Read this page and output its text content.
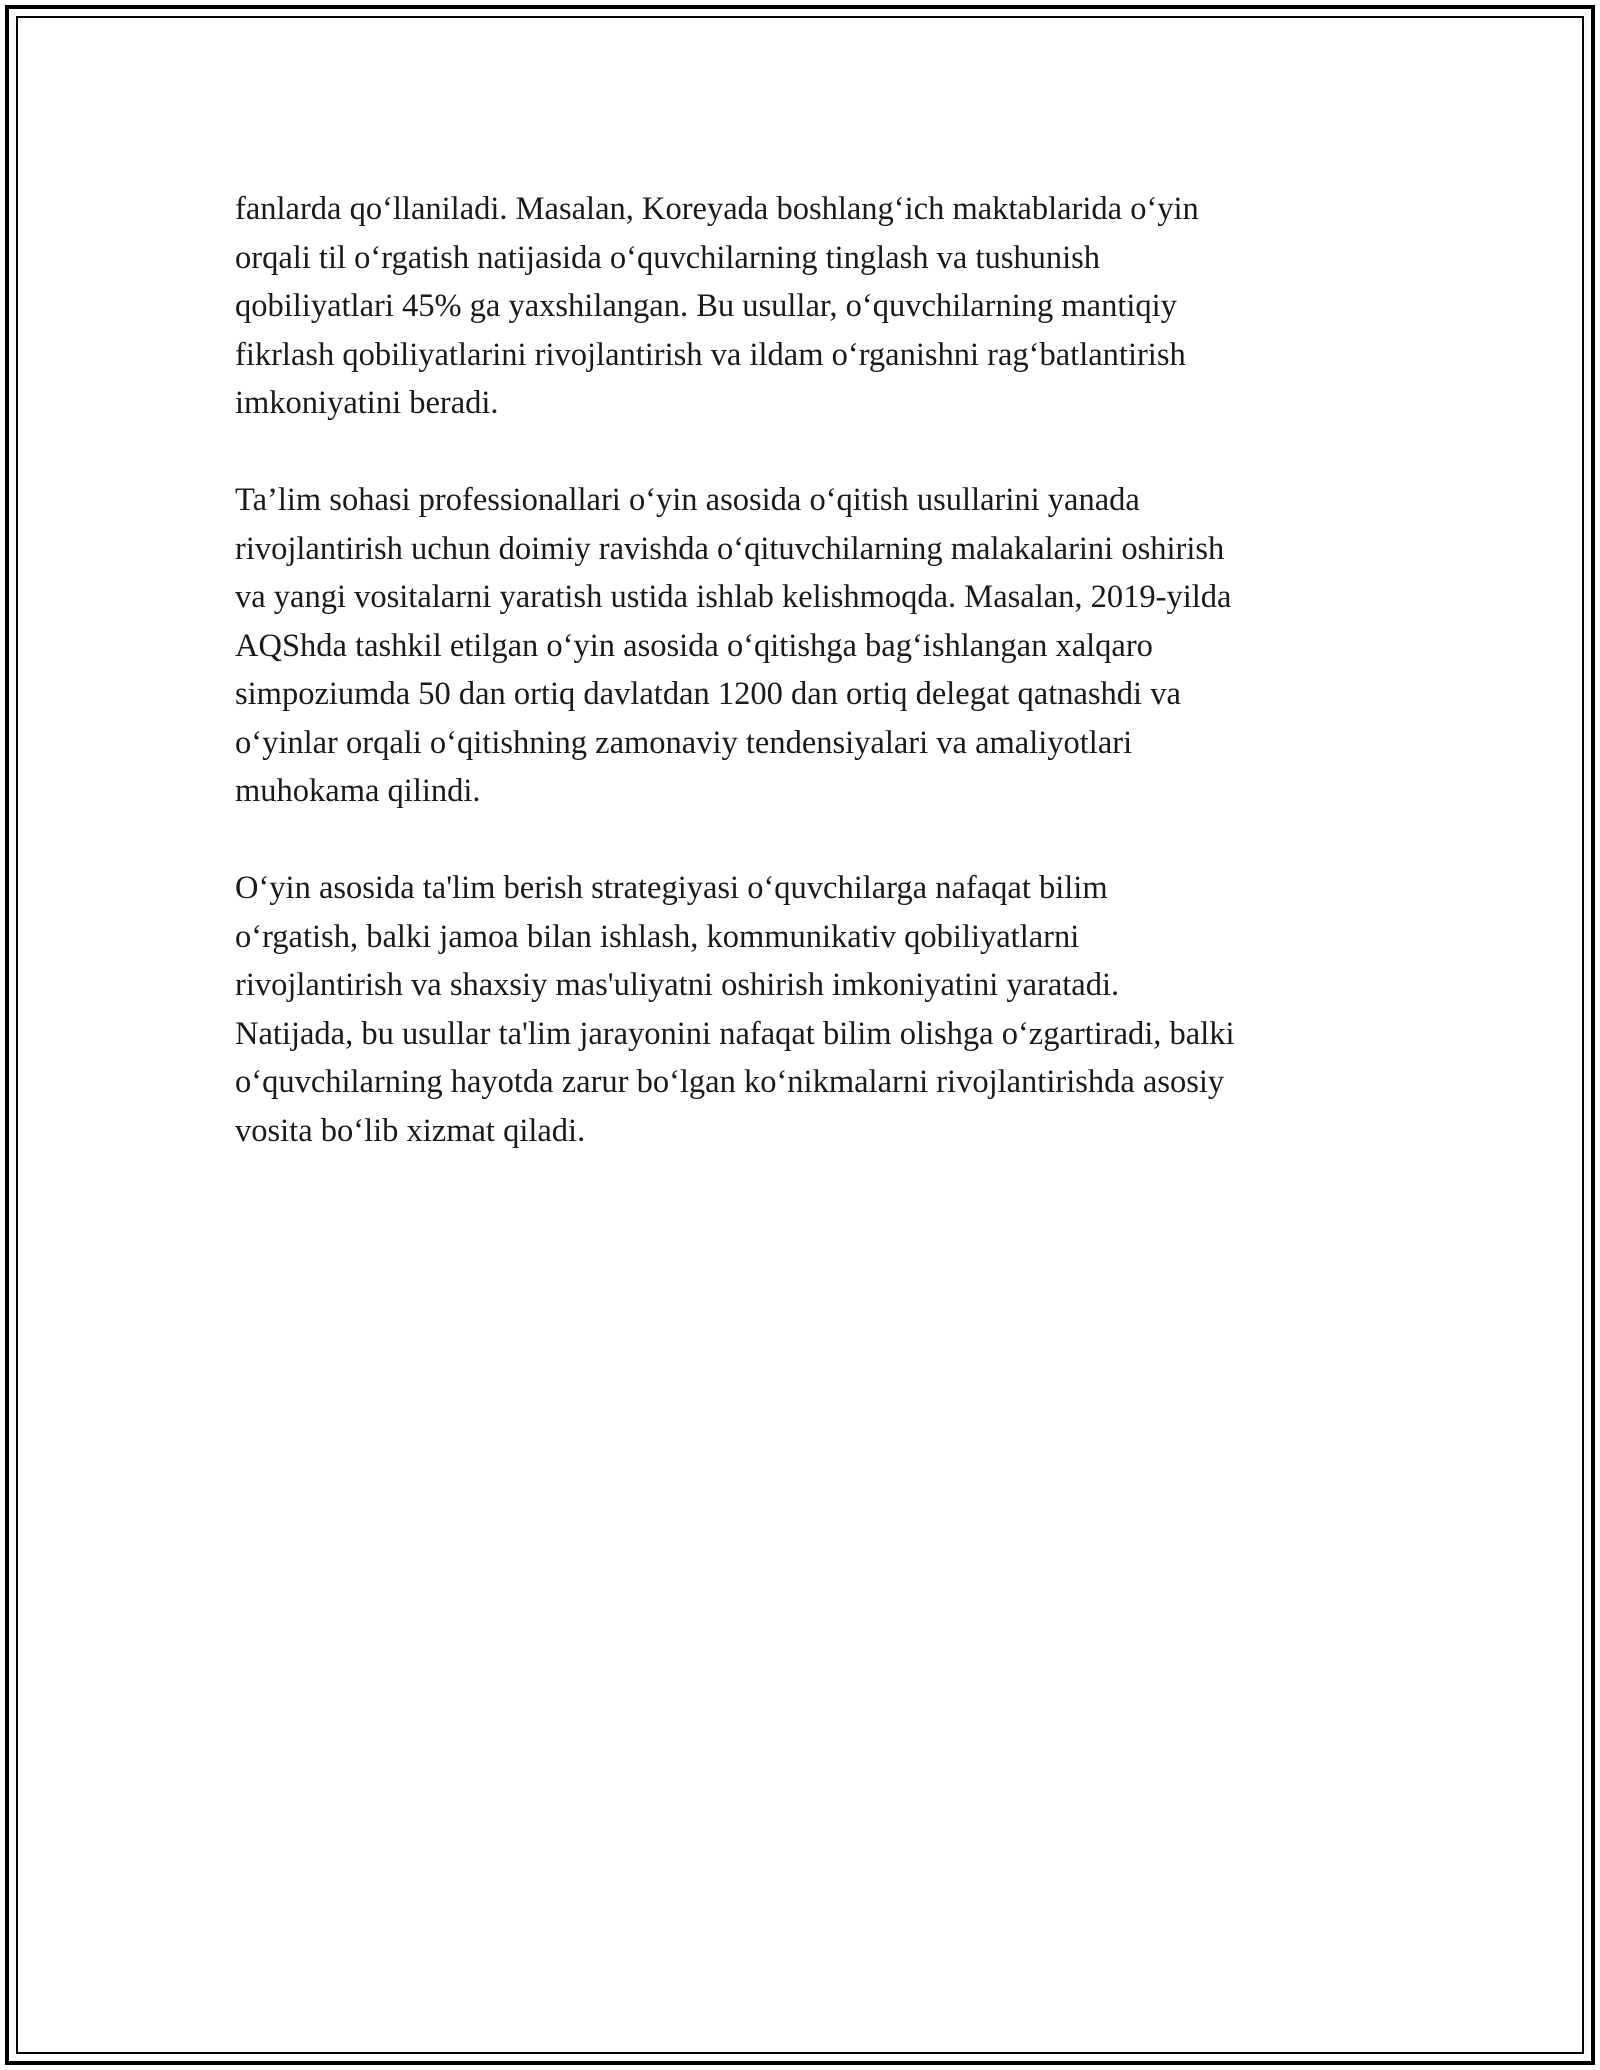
fanlarda qo‘llaniladi. Masalan, Koreyada boshlang‘ich maktablarida o‘yin
orqali til o‘rgatish natijasida o‘quvchilarning tinglash va tushunish
qobiliyatlari 45% ga yaxshilangan. Bu usullar, o‘quvchilarning mantiqiy
fikrlash qobiliyatlarini rivojlantirish va ildam o‘rganishni rag‘batlantirish
imkoniyatini beradi.

Ta’lim sohasi professionallari o‘yin asosida o‘qitish usullarini yanada
rivojlantirish uchun doimiy ravishda o‘qituvchilarning malakalarini oshirish
va yangi vositalarni yaratish ustida ishlab kelishmoqda. Masalan, 2019-yilda
AQShda tashkil etilgan o‘yin asosida o‘qitishga bag‘ishlangan xalqaro
simpoziumda 50 dan ortiq davlatdan 1200 dan ortiq delegat qatnashdi va
o‘yinlar orqali o‘qitishning zamonaviy tendensiyalari va amaliyotlari
muhokama qilindi.

O‘yin asosida ta'lim berish strategiyasi o‘quvchilarga nafaqat bilim
o‘rgatish, balki jamoa bilan ishlash, kommunikativ qobiliyatlarni
rivojlantirish va shaxsiy mas'uliyatni oshirish imkoniyatini yaratadi.
Natijada, bu usullar ta'lim jarayonini nafaqat bilim olishga o‘zgartiradi, balki
o‘quvchilarning hayotda zarur bo‘lgan ko‘nikmalarni rivojlantirishda asosiy
vosita bo‘lib xizmat qiladi.
